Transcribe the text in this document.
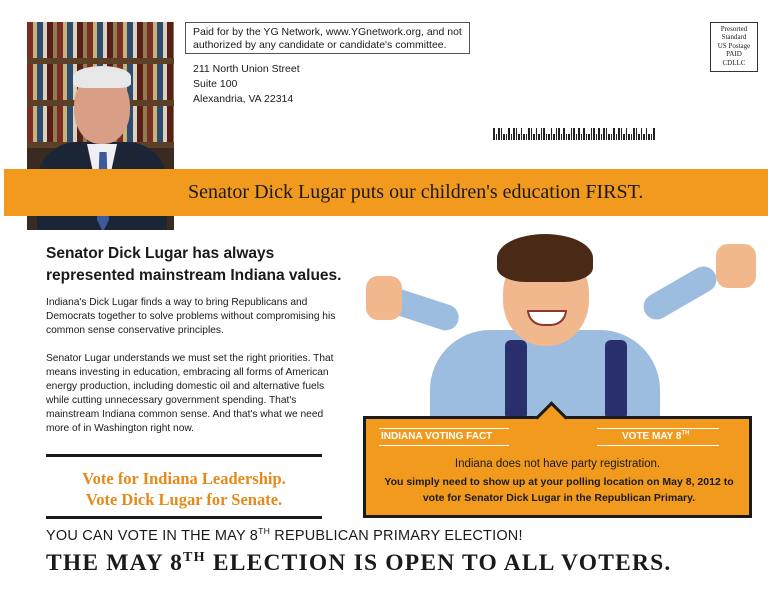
Paid for by the YG Network, www.YGnetwork.org, and not authorized by any candidate or candidate's committee.
211 North Union Street
Suite 100
Alexandria, VA 22314
Presorted
Standard
US Postage
PAID
CDLLC
Senator Dick Lugar puts our children's education FIRST.
Senator Dick Lugar has always represented mainstream Indiana values.
Indiana's Dick Lugar finds a way to bring Republicans and Democrats together to solve problems without compromising his common sense conservative principles.
Senator Lugar understands we must set the right priorities. That means investing in education, embracing all forms of American energy production, including domestic oil and alternative fuels while cutting unnecessary government spending. That's mainstream Indiana common sense. And that's what we need more of in Washington right now.
Vote for Indiana Leadership.
Vote Dick Lugar for Senate.
INDIANA VOTING FACT	VOTE MAY 8TH
Indiana does not have party registration.
You simply need to show up at your polling location on May 8, 2012 to vote for Senator Dick Lugar in the Republican Primary.
YOU CAN VOTE IN THE MAY 8TH REPUBLICAN PRIMARY ELECTION!
THE MAY 8TH ELECTION IS OPEN TO ALL VOTERS.
